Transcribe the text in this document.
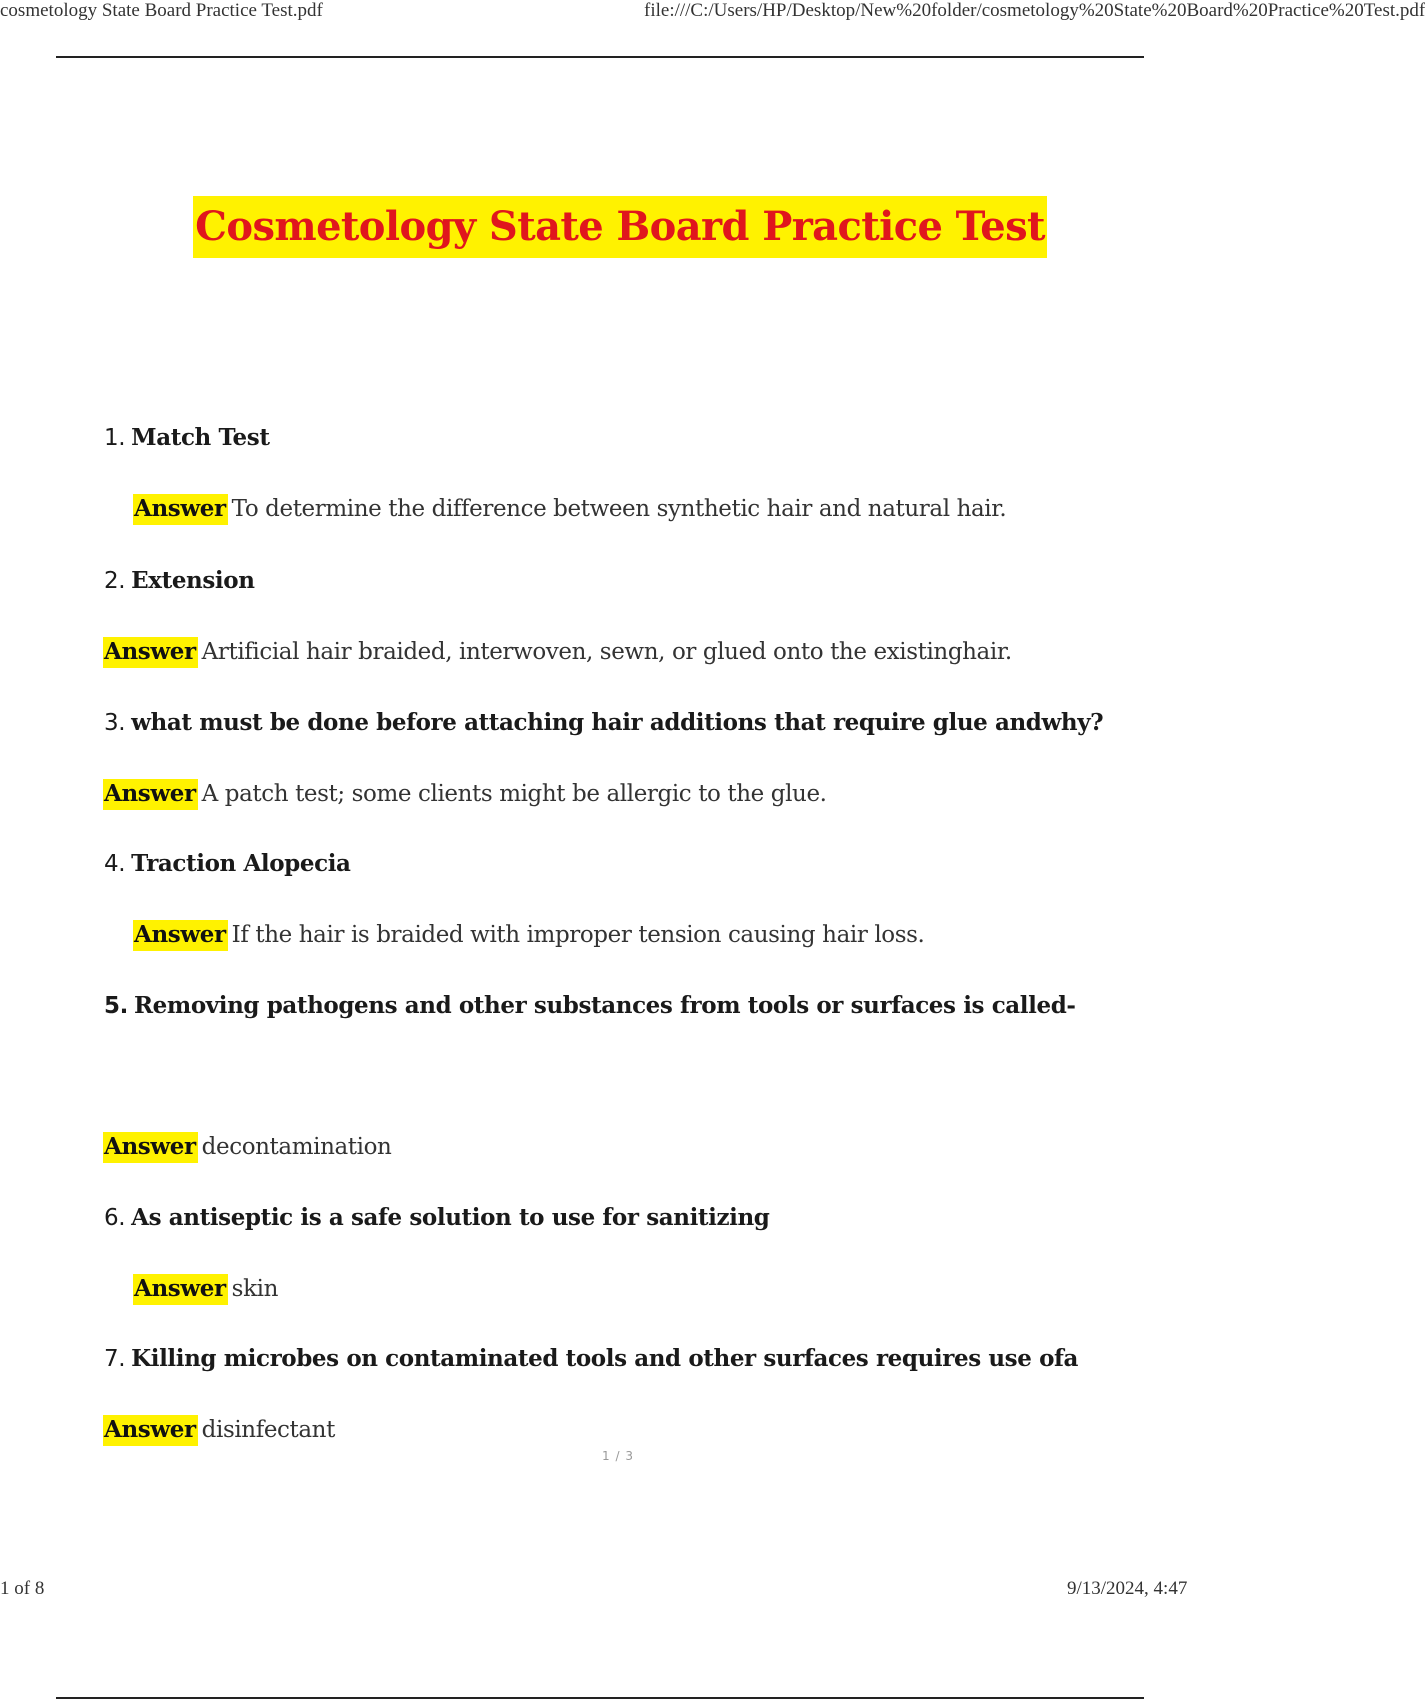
cosmetology State Board Practice Test.pdf	file:///C:/Users/HP/Desktop/New%20folder/cosmetology%20State%20Board%20Practice%20Test.pdf
Cosmetology State Board Practice Test
1. Match Test
Answer To determine the difference between synthetic hair and natural hair.
2. Extension
Answer Artificial hair braided, interwoven, sewn, or glued onto the existinghair.
3. what must be done before attaching hair additions that require glue andwhy?
Answer A patch test; some clients might be allergic to the glue.
4. Traction Alopecia
Answer If the hair is braided with improper tension causing hair loss.
5. Removing pathogens and other substances from tools or surfaces is called-
Answer decontamination
6. As antiseptic is a safe solution to use for sanitizing
Answer skin
7. Killing microbes on contaminated tools and other surfaces requires use ofa
Answer disinfectant
1 / 3
1 of 8	9/13/2024, 4:47
